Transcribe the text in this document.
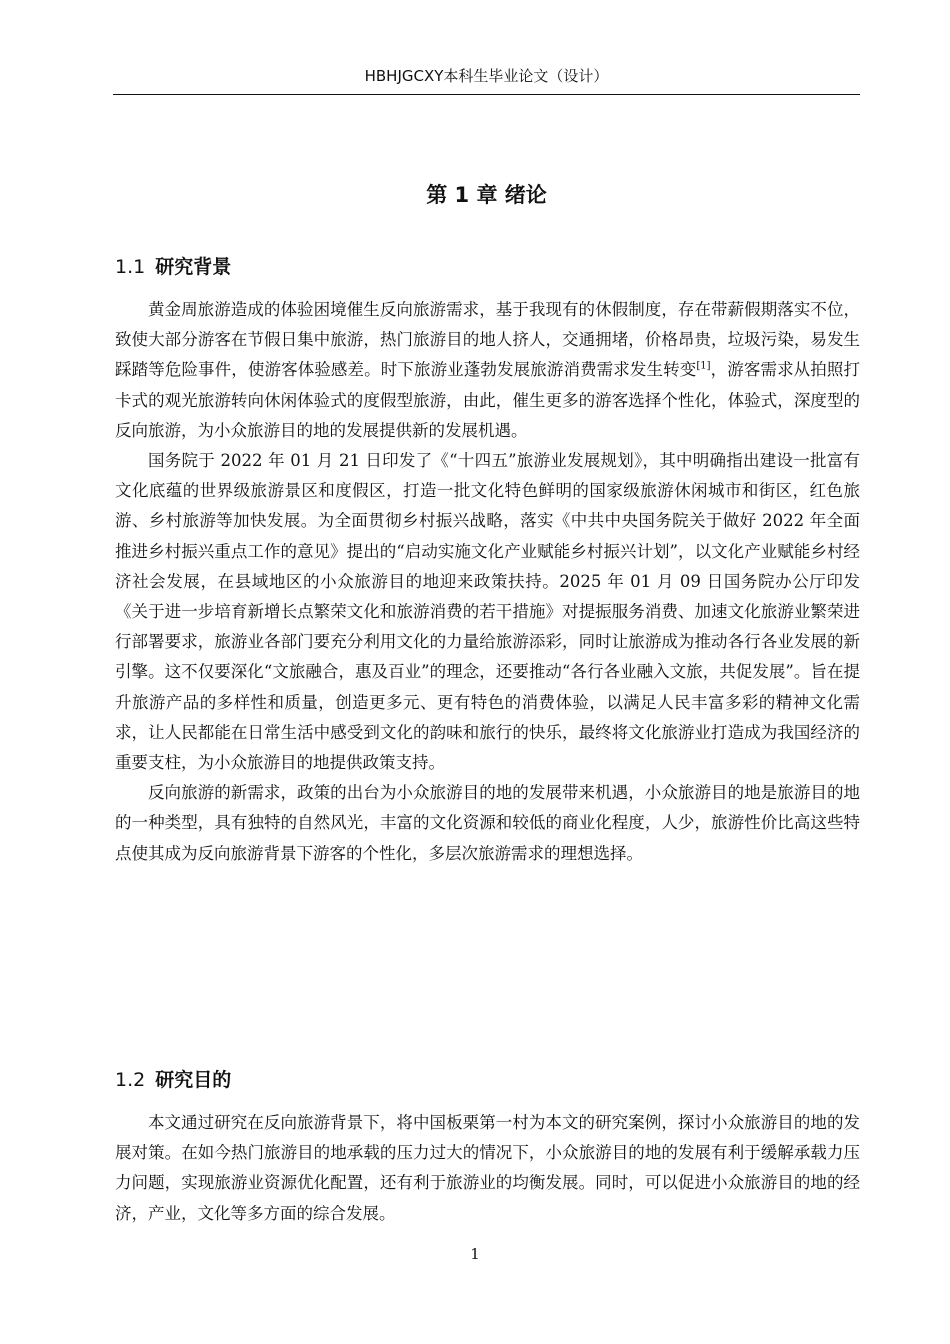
HBHJGCXY本科生毕业论文（设计）
第 1 章 绪论
1.1 研究背景

黄金周旅游造成的体验困境催生反向旅游需求，基于我现有的休假制度，存在带薪假期落实不位，致使大部分游客在节假日集中旅游，热门旅游目的地人挤人，交通拥堵，价格昂贵，垃圾污染，易发生踩踏等危险事件，使游客体验感差。时下旅游业蓬勃发展旅游消费需求发生转变[1]，游客需求从拍照打卡式的观光旅游转向休闲体验式的度假型旅游，由此，催生更多的游客选择个性化，体验式，深度型的反向旅游，为小众旅游目的地的发展提供新的发展机遇。

国务院于 2022 年 01 月 21 日印发了《“十四五”旅游业发展规划》，其中明确指出建设一批富有文化底蕴的世界级旅游景区和度假区，打造一批文化特色鲜明的国家级旅游休闲城市和街区，红色旅游、乡村旅游等加快发展。为全面贯彻乡村振兴战略，落实《中共中央国务院关于做好 2022 年全面推进乡村振兴重点工作的意见》提出的“启动实施文化产业赋能乡村振兴计划”，以文化产业赋能乡村经济社会发展，在县域地区的小众旅游目的地迎来政策扶持。2025 年 01 月 09 日国务院办公厅印发《关于进一步培育新增长点繁荣文化和旅游消费的若干措施》对提振服务消费、加速文化旅游业繁荣进行部署要求，旅游业各部门要充分利用文化的力量给旅游添彩，同时让旅游成为推动各行各业发展的新引擎。这不仅要深化“文旅融合，惠及百业”的理念，还要推动“各行各业融入文旅，共促发展”。旨在提升旅游产品的多样性和质量，创造更多元、更有特色的消费体验，以满足人民丰富多彩的精神文化需求，让人民都能在日常生活中感受到文化的韵味和旅行的快乐，最终将文化旅游业打造成为我国经济的重要支柱，为小众旅游目的地提供政策支持。

反向旅游的新需求，政策的出台为小众旅游目的地的发展带来机遇，小众旅游目的地是旅游目的地的一种类型，具有独特的自然风光，丰富的文化资源和较低的商业化程度，人少，旅游性价比高这些特点使其成为反向旅游背景下游客的个性化，多层次旅游需求的理想选择。

1.2 研究目的

本文通过研究在反向旅游背景下，将中国板栗第一村为本文的研究案例，探讨小众旅游目的地的发展对策。在如今热门旅游目的地承载的压力过大的情况下，小众旅游目的地的发展有利于缓解承载力压力问题，实现旅游业资源优化配置，还有利于旅游业的均衡发展。同时，可以促进小众旅游目的地的经济，产业，文化等多方面的综合发展。

1
